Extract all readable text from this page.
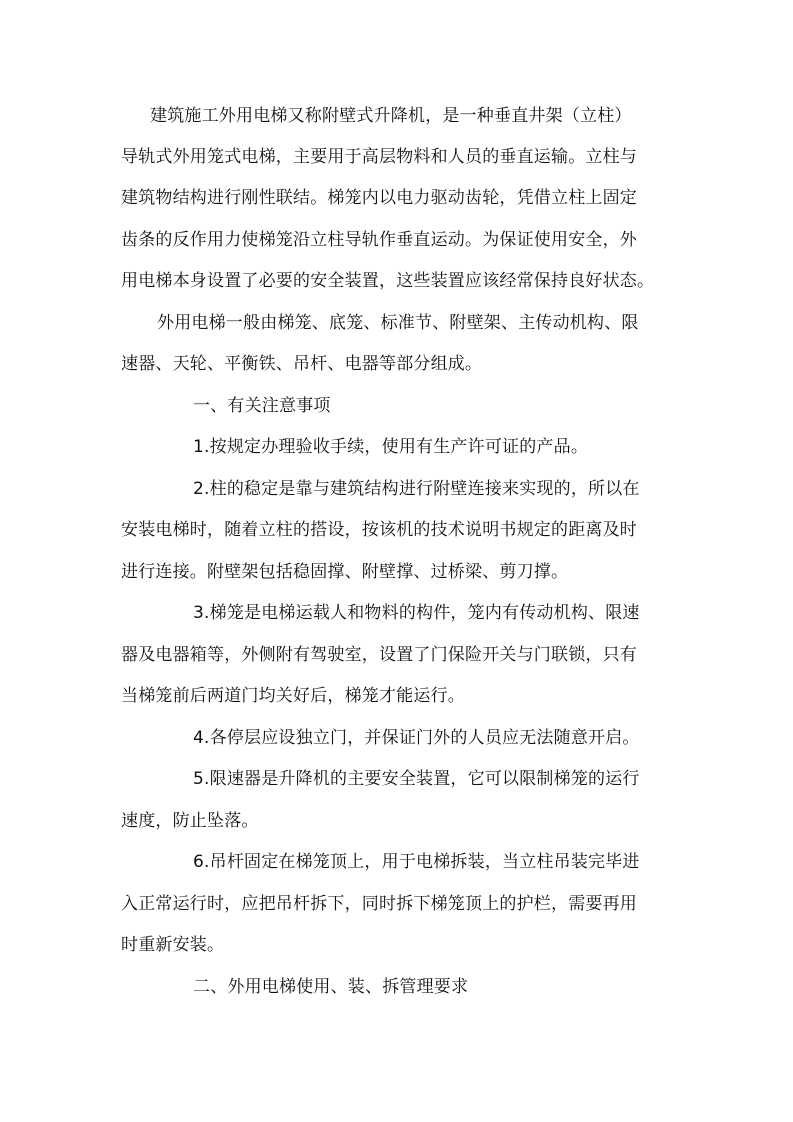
建筑施工外用电梯又称附壁式升降机，是一种垂直井架（立柱）
导轨式外用笼式电梯，主要用于高层物料和人员的垂直运输。立柱与
建筑物结构进行刚性联结。梯笼内以电力驱动齿轮，凭借立柱上固定
齿条的反作用力使梯笼沿立柱导轨作垂直运动。为保证使用安全，外
用电梯本身设置了必要的安全装置，这些装置应该经常保持良好状态。
外用电梯一般由梯笼、底笼、标准节、附壁架、主传动机构、限
速器、天轮、平衡铁、吊杆、电器等部分组成。
一、有关注意事项
1.按规定办理验收手续，使用有生产许可证的产品。
2.柱的稳定是靠与建筑结构进行附壁连接来实现的，所以在
安装电梯时，随着立柱的搭设，按该机的技术说明书规定的距离及时
进行连接。附壁架包括稳固撑、附壁撑、过桥梁、剪刀撑。
3.梯笼是电梯运载人和物料的构件，笼内有传动机构、限速
器及电器箱等，外侧附有驾驶室，设置了门保险开关与门联锁，只有
当梯笼前后两道门均关好后，梯笼才能运行。
4.各停层应设独立门，并保证门外的人员应无法随意开启。
5.限速器是升降机的主要安全装置，它可以限制梯笼的运行
速度，防止坠落。
6.吊杆固定在梯笼顶上，用于电梯拆装，当立柱吊装完毕进
入正常运行时，应把吊杆拆下，同时拆下梯笼顶上的护栏，需要再用
时重新安装。
二、外用电梯使用、装、拆管理要求
